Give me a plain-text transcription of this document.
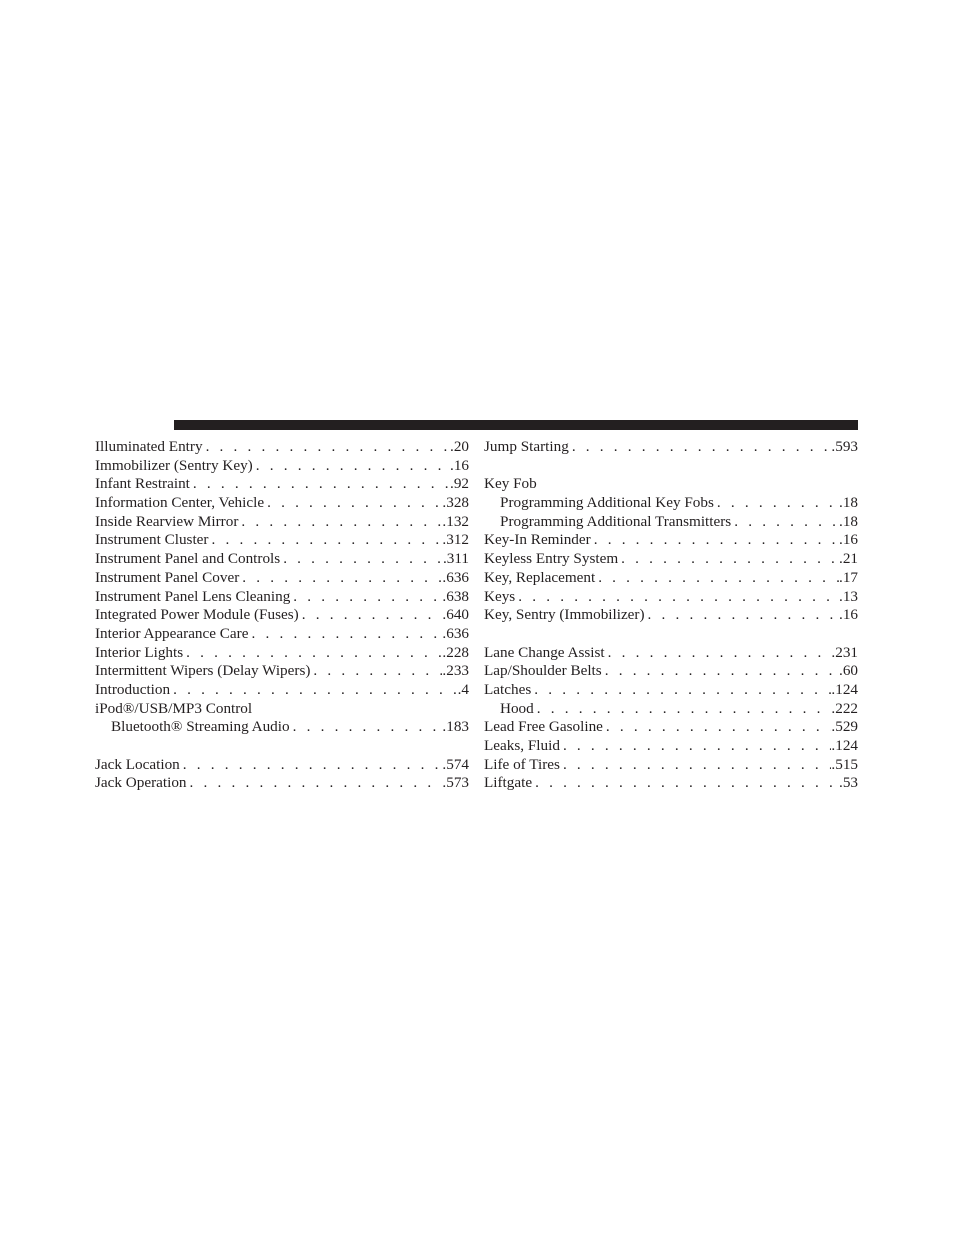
Illuminated Entry . . .	.20
Immobilizer (Sentry Key) . . .	.16
Infant Restraint . . .	.92
Information Center, Vehicle . . .	.328
Inside Rearview Mirror . . .	.132
Instrument Cluster . . .	.312
Instrument Panel and Controls . . .	.311
Instrument Panel Cover . . .	.636
Instrument Panel Lens Cleaning . . .	.638
Integrated Power Module (Fuses) . . .	.640
Interior Appearance Care . . .	.636
Interior Lights . . .	.228
Intermittent Wipers (Delay Wipers) . . .	.233
Introduction . . .	.4
iPod®/USB/MP3 Control
Bluetooth® Streaming Audio . . .	.183
Jack Location . . .	.574
Jack Operation . . .	.573
Jump Starting . . .	.593
Key Fob
Programming Additional Key Fobs . . .	.18
Programming Additional Transmitters . . .	.18
Key-In Reminder . . .	.16
Keyless Entry System . . .	.21
Key, Replacement . . .	.17
Keys . . .	.13
Key, Sentry (Immobilizer) . . .	.16
Lane Change Assist . . .	.231
Lap/Shoulder Belts . . .	.60
Latches . . .	.124
Hood . . .	.222
Lead Free Gasoline . . .	.529
Leaks, Fluid . . .	.124
Life of Tires . . .	.515
Liftgate . . .	.53
